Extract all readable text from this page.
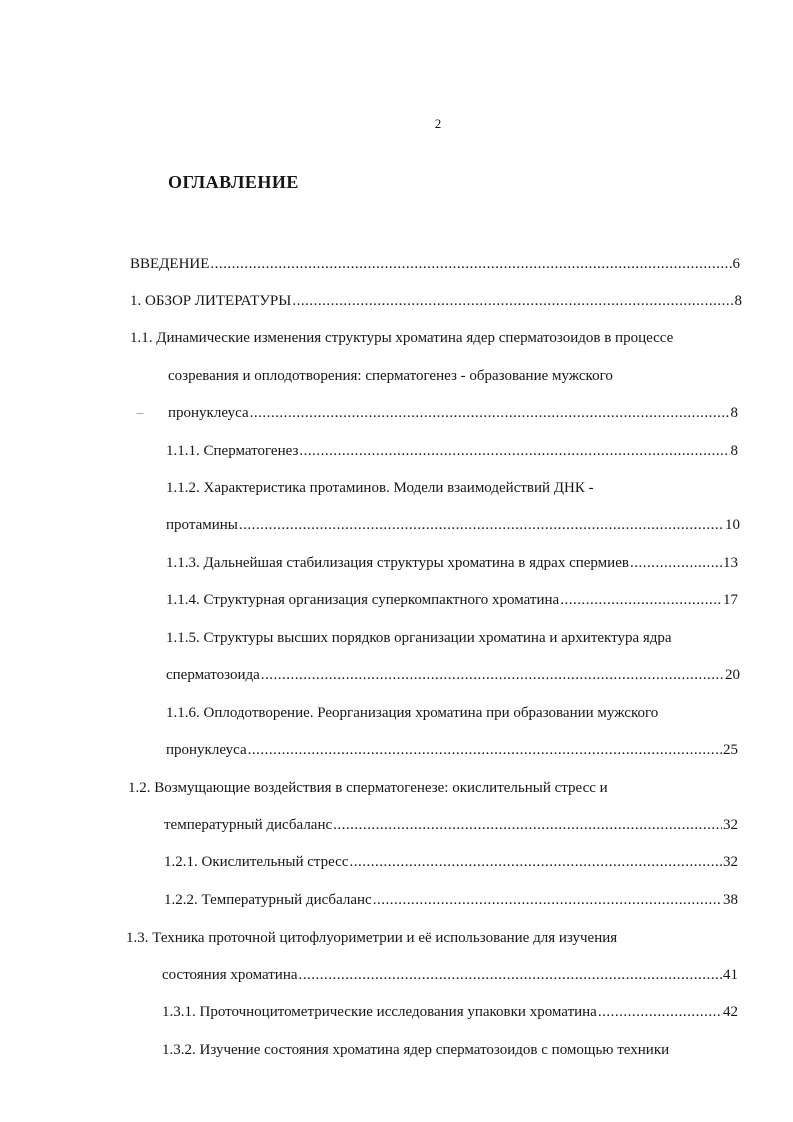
2
ОГЛАВЛЕНИЕ
---
ВВЕДЕНИЕ .....	6
1. ОБЗОР ЛИТЕРАТУРЫ .....	8
1.1. Динамические изменения структуры хроматина ядер сперматозоидов в процессе
созревания и оплодотворения: сперматогенез - образование мужского
пронуклеуса .....	8
1.1.1. Сперматогенез .....	8
1.1.2. Характеристика протаминов. Модели взаимодействий ДНК -
протамины .....	10
1.1.3. Дальнейшая стабилизация структуры хроматина в ядрах спермиев .....	13
1.1.4. Структурная организация суперкомпактного хроматина .....	17
1.1.5. Структуры высших порядков организации хроматина и архитектура ядра
сперматозоида .....	20
1.1.6. Оплодотворение. Реорганизация хроматина при образовании мужского
пронуклеуса .....	25
1.2. Возмущающие воздействия в сперматогенезе: окислительный стресс и
температурный дисбаланс .....	32
1.2.1. Окислительный стресс .....	32
1.2.2. Температурный дисбаланс .....	38
1.3. Техника проточной цитофлуориметрии и её использование для изучения
состояния хроматина .....	41
1.3.1. Проточноцитометрические исследования упаковки хроматина .....	42
1.3.2. Изучение состояния хроматина ядер сперматозоидов с помощью техники
